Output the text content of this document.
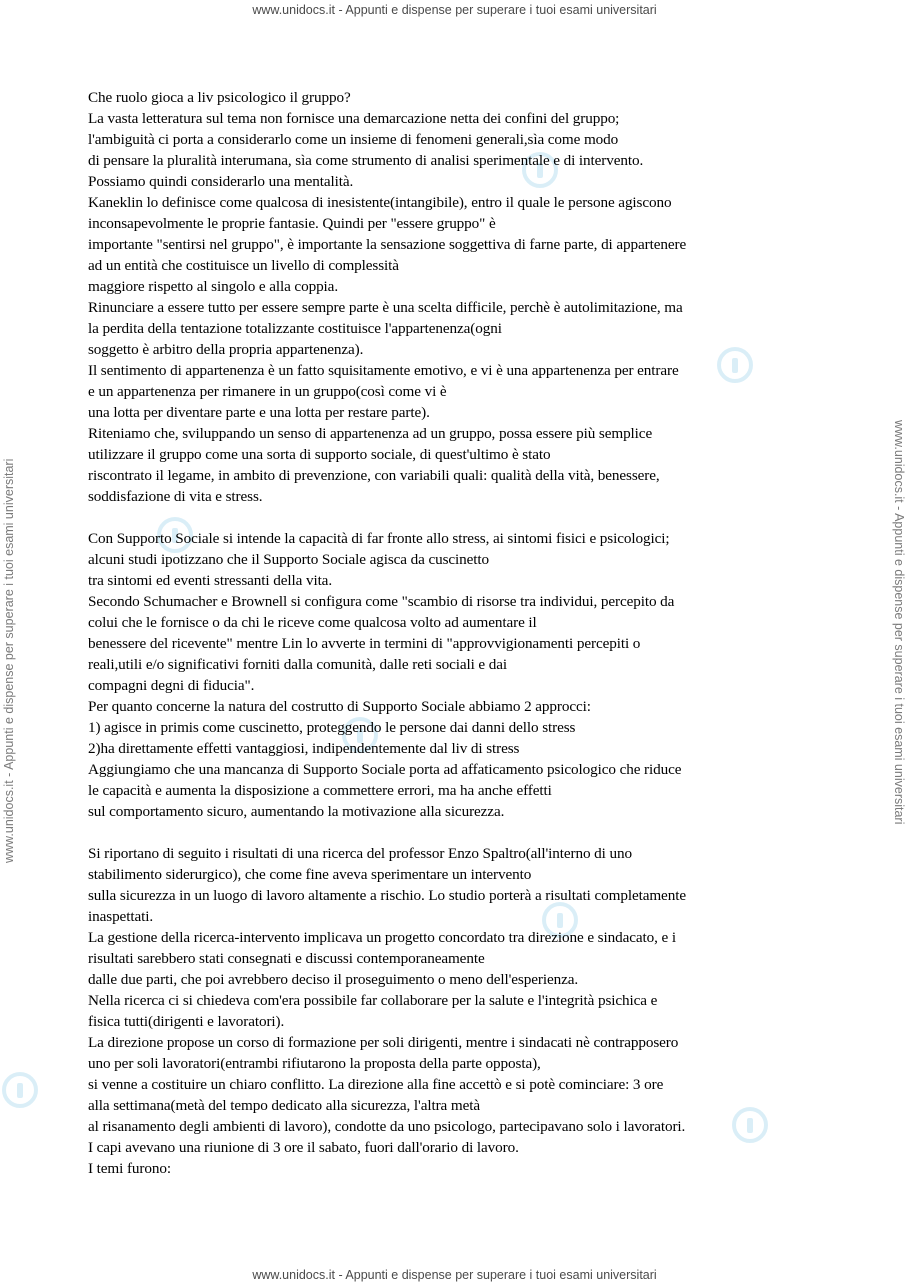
www.unidocs.it - Appunti e dispense per superare i tuoi esami universitari
www.unidocs.it - Appunti e dispense per superare i tuoi esami universitari	www.unidocs.it - Appunti e dispense per superare i tuoi esami universitari
Che ruolo gioca a liv psicologico il gruppo?
La vasta letteratura sul tema non fornisce una demarcazione netta dei confini del gruppo;
l'ambiguità ci porta a considerarlo come un insieme di fenomeni generali,sìa come modo
di pensare la pluralità interumana, sìa come strumento di analisi sperimentale e di intervento.
Possiamo quindi considerarlo una mentalità.
Kaneklin lo definisce come qualcosa di inesistente(intangibile), entro il quale le persone agiscono
inconsapevolmente le proprie fantasie. Quindi per "essere gruppo" è
importante "sentirsi nel gruppo", è importante la sensazione soggettiva di farne parte, di appartenere
ad un entità che costituisce un livello di complessità
maggiore rispetto al singolo e alla coppia.
Rinunciare a essere tutto per essere sempre parte è una scelta difficile, perchè è autolimitazione, ma
la perdita della tentazione totalizzante costituisce l'appartenenza(ogni
soggetto è arbitro della propria appartenenza).
Il sentimento di appartenenza è un fatto squisitamente emotivo, e vi è una appartenenza per entrare
e un appartenenza per rimanere in un gruppo(così come vi è
una lotta per diventare parte e una lotta per restare parte).
Riteniamo che, sviluppando un senso di appartenenza ad un gruppo, possa essere più semplice
utilizzare il gruppo come una sorta di supporto sociale, di quest'ultimo è stato
riscontrato il legame, in ambito di prevenzione, con variabili quali: qualità della vità, benessere,
soddisfazione di vita e stress.
Con Supporto Sociale si intende la capacità di far fronte allo stress, ai sintomi fisici e psicologici;
alcuni studi ipotizzano che il Supporto Sociale agisca da cuscinetto
tra sintomi ed eventi stressanti della vita.
Secondo Schumacher e Brownell si configura come "scambio di risorse tra individui, percepito da
colui che le fornisce o da chi le riceve come qualcosa volto ad aumentare il
benessere del ricevente" mentre Lin lo avverte in termini di "approvvigionamenti percepiti o
reali,utili e/o significativi forniti dalla comunità, dalle reti sociali e dai
compagni degni di fiducia".
Per quanto concerne la natura del costrutto di Supporto Sociale abbiamo 2 approcci:
1) agisce in primis come cuscinetto, proteggendo le persone dai danni dello stress
2)ha direttamente effetti vantaggiosi, indipendentemente dal liv di stress
Aggiungiamo che una mancanza di Supporto Sociale porta ad affaticamento psicologico che riduce
le capacità e aumenta la disposizione a commettere errori, ma ha anche effetti
sul comportamento sicuro, aumentando la motivazione alla sicurezza.
Si riportano di seguito i risultati di una ricerca del professor Enzo Spaltro(all'interno di uno
stabilimento siderurgico), che come fine aveva sperimentare un intervento
sulla sicurezza in un luogo di lavoro altamente a rischio. Lo studio porterà a risultati completamente
inaspettati.
La gestione della ricerca-intervento implicava un progetto concordato tra direzione e sindacato, e i
risultati sarebbero stati consegnati e discussi contemporaneamente
dalle due parti, che poi avrebbero deciso il proseguimento o meno dell'esperienza.
Nella ricerca ci si chiedeva com'era possibile far collaborare per la salute e l'integrità psichica e
fisica tutti(dirigenti e lavoratori).
La direzione propose un corso di formazione per soli dirigenti, mentre i sindacati nè contrapposero
uno per soli lavoratori(entrambi rifiutarono la proposta della parte opposta),
si venne a costituire un chiaro conflitto. La direzione alla fine accettò e si potè cominciare: 3 ore
alla settimana(metà del tempo dedicato alla sicurezza, l'altra metà
al risanamento degli ambienti di lavoro), condotte da uno psicologo, partecipavano solo i lavoratori.
I capi avevano una riunione di 3 ore il sabato, fuori dall'orario di lavoro.
I temi furono:
www.unidocs.it - Appunti e dispense per superare i tuoi esami universitari
